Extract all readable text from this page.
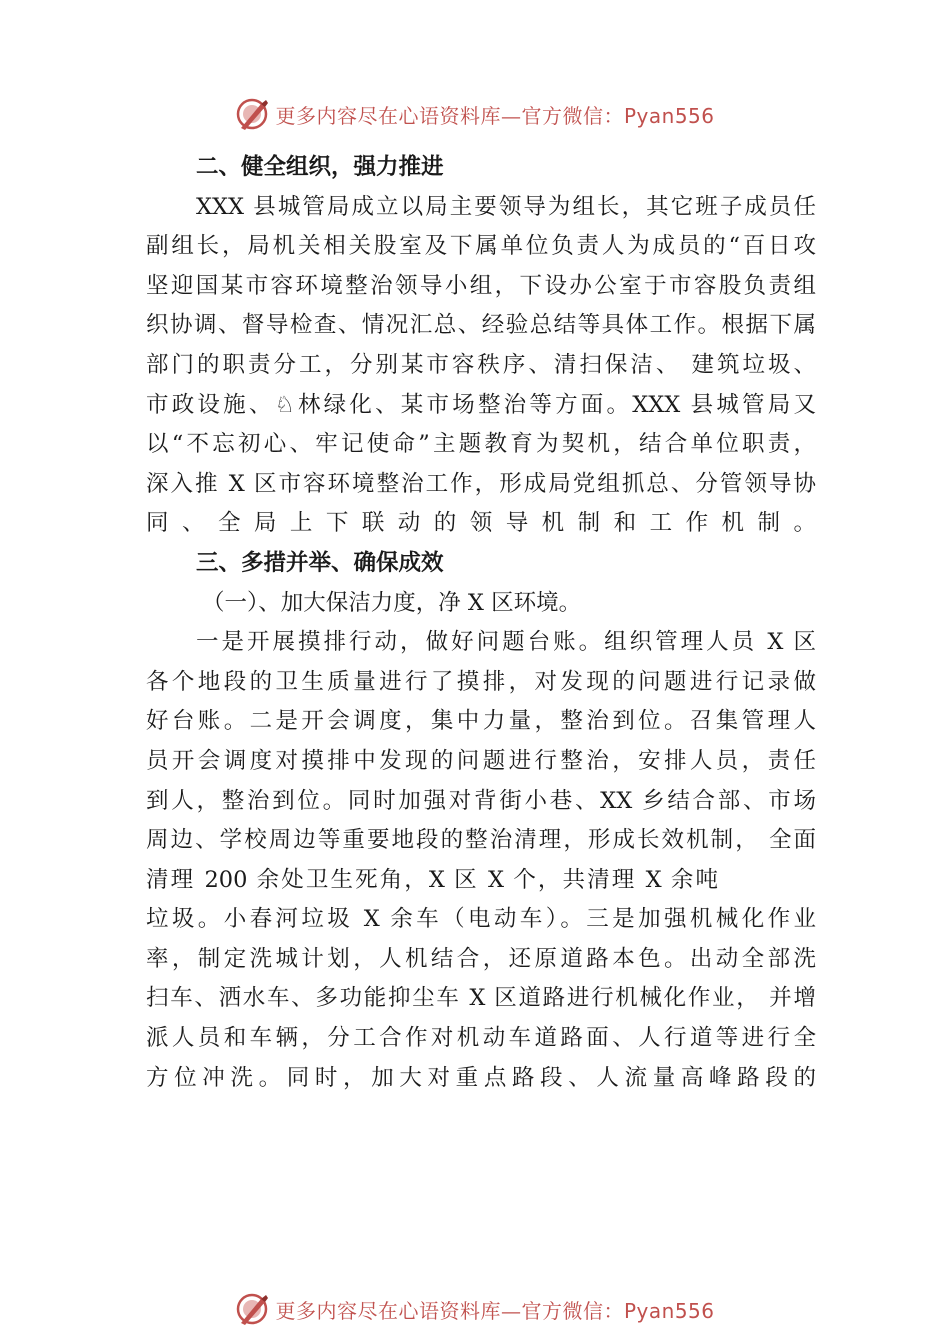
更多内容尽在心语资料库—官方微信：Pyan556

二、健全组织，强力推进

XXX 县城管局成立以局主要领导为组长，其它班子成员任
副组长，局机关相关股室及下属单位负责人为成员的“百日攻
坚迎国某市容环境整治领导小组，下设办公室于市容股负责组
织协调、督导检查、情况汇总、经验总结等具体工作。根据下属
部门的职责分工，分别某市容秩序、清扫保洁、 建筑垃圾、
市政设施、♘林绿化、某市场整治等方面。XXX 县城管局又
以“不忘初心、牢记使命”主题教育为契机，结合单位职责，
深入推 X 区市容环境整治工作，形成局党组抓总、分管领导协
同、全局上下联动的领导机制和工作机制。

三、多措并举、确保成效

（一）、加大保洁力度，净 X 区环境。

一是开展摸排行动，做好问题台账。组织管理人员 X 区
各个地段的卫生质量进行了摸排，对发现的问题进行记录做
好台账。二是开会调度，集中力量，整治到位。召集管理人
员开会调度对摸排中发现的问题进行整治，安排人员，责任
到人，整治到位。同时加强对背街小巷、XX 乡结合部、市场
周边、学校周边等重要地段的整治清理，形成长效机制， 全面
清理 200 余处卫生死角，X 区 X 个，共清理 X 余吨
垃圾。小春河垃圾 X 余车（电动车）。三是加强机械化作业
率，制定洗城计划，人机结合，还原道路本色。出动全部洗
扫车、洒水车、多功能抑尘车 X 区道路进行机械化作业， 并增
派人员和车辆，分工合作对机动车道路面、人行道等进行全
方位冲洗。同时，加大对重点路段、人流量高峰路段的

更多内容尽在心语资料库—官方微信：Pyan556
